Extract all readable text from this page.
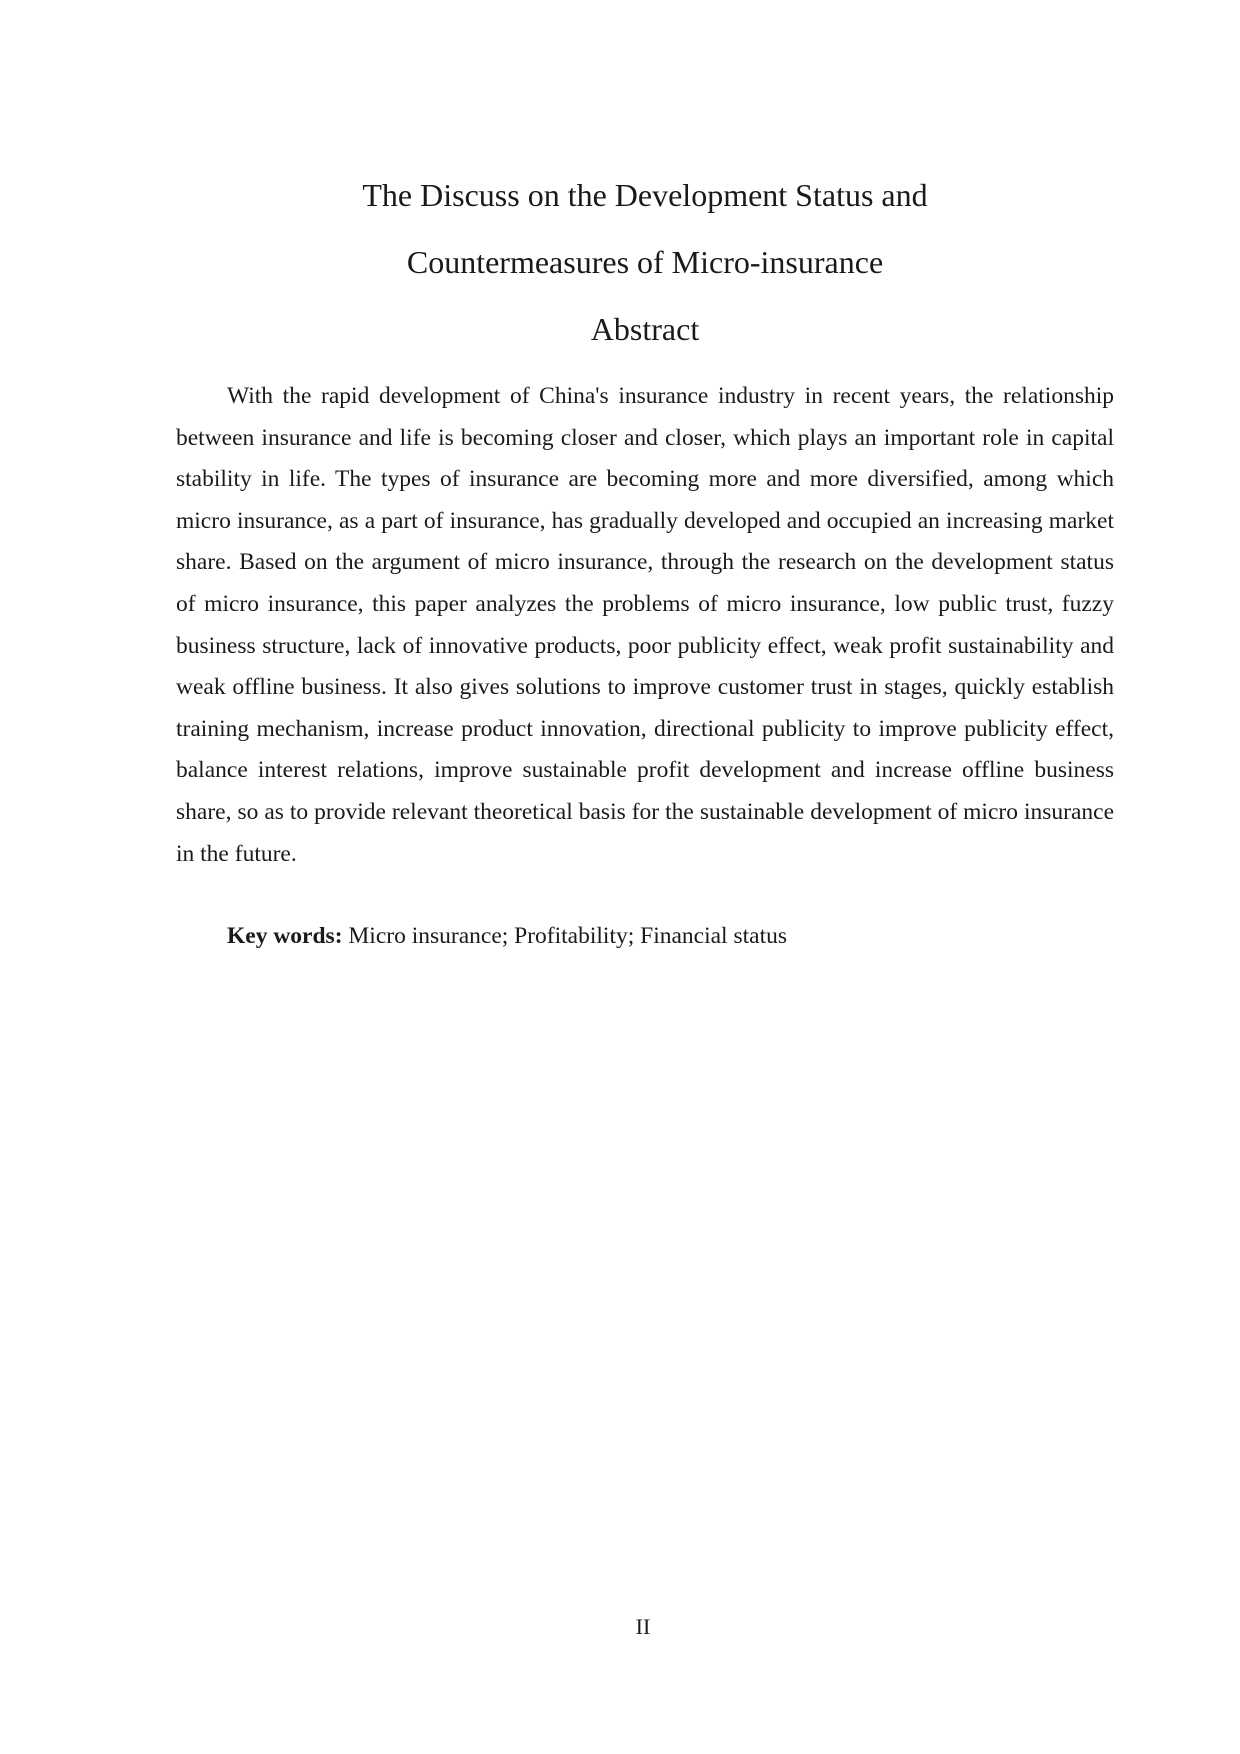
The Discuss on the Development Status and
Countermeasures of Micro-insurance
Abstract

With the rapid development of China's insurance industry in recent years, the relationship between insurance and life is becoming closer and closer, which plays an important role in capital stability in life. The types of insurance are becoming more and more diversified, among which micro insurance, as a part of insurance, has gradually developed and occupied an increasing market share. Based on the argument of micro insurance, through the research on the development status of micro insurance, this paper analyzes the problems of micro insurance, low public trust, fuzzy business structure, lack of innovative products, poor publicity effect, weak profit sustainability and weak offline business. It also gives solutions to improve customer trust in stages, quickly establish training mechanism, increase product innovation, directional publicity to improve publicity effect, balance interest relations, improve sustainable profit development and increase offline business share, so as to provide relevant theoretical basis for the sustainable development of micro insurance in the future.

Key words: Micro insurance; Profitability; Financial status
II
